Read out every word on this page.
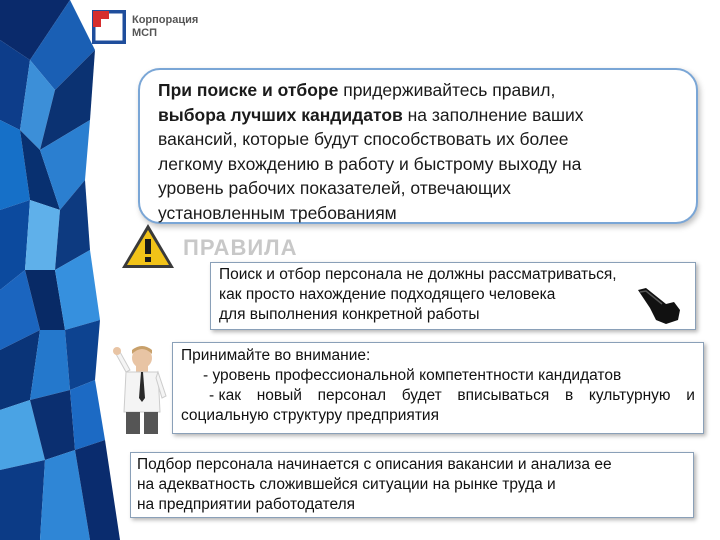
Корпорация
МСП

При поиске и отборе придерживайтесь правил,

выбора лучших кандидатов на заполнение ваших

вакансий, которые будут способствовать их более

легкому вхождению в работу и быстрому выходу на

уровень рабочих показателей, отвечающих

установленным требованиям

ПРАВИЛА
Поиск и отбор персонала не должны рассматриваться,
как просто нахождение подходящего человека
для выполнения конкретной работы
Принимайте во внимание:
- уровень профессиональной компетентности кандидатов
- как новый персонал будет вписываться в культурную и
социальную структуру предприятия
Подбор персонала начинается с описания вакансии и анализа ее
на адекватность сложившейся ситуации на рынке труда и
на предприятии работодателя
